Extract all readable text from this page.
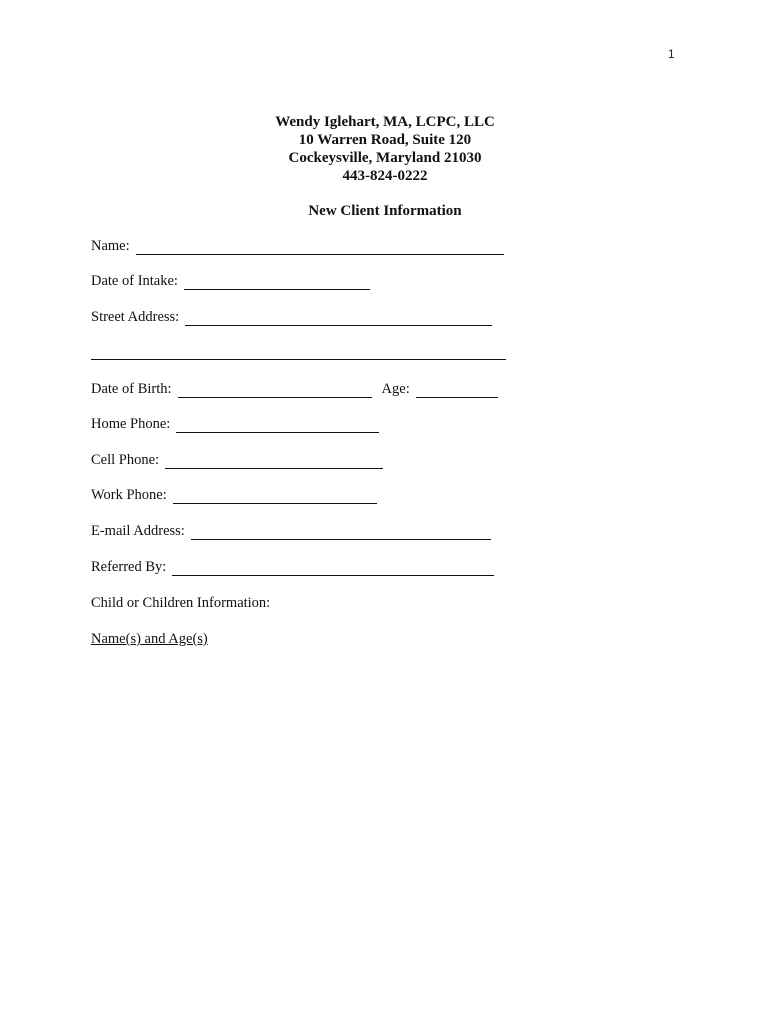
1
Wendy Iglehart, MA, LCPC, LLC
10 Warren Road, Suite 120
Cockeysville, Maryland 21030
443-824-0222
New Client Information
Name:
Date of Intake:
Street Address:
Date of Birth:	Age:
Home Phone:
Cell Phone:
Work Phone:
E-mail Address:
Referred By:
Child or Children Information:
Name(s) and Age(s)
